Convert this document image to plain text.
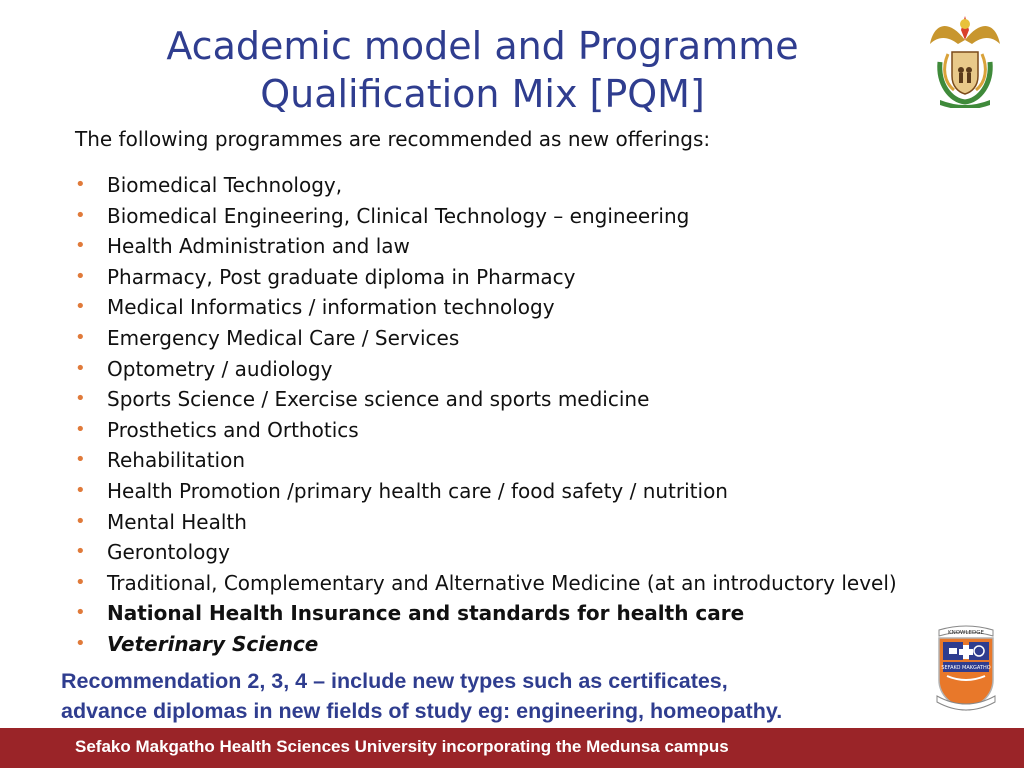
Academic model and Programme
Qualification Mix [PQM]

The following programmes are recommended as new offerings:

• Biomedical Technology,
• Biomedical Engineering, Clinical Technology – engineering
• Health Administration and law
• Pharmacy, Post graduate diploma in Pharmacy
• Medical Informatics / information technology
• Emergency Medical Care / Services
• Optometry / audiology
• Sports Science / Exercise science and sports medicine
• Prosthetics and Orthotics
• Rehabilitation
• Health Promotion /primary health care / food safety / nutrition
• Mental Health
• Gerontology
• Traditional, Complementary and Alternative Medicine (at an introductory level)
• National Health Insurance and standards for health care
• Veterinary Science

Recommendation 2, 3, 4 – include new types such as certificates,
advance diplomas in new fields of study eg: engineering, homeopathy.

KNOWLEDGE
SEFAKO MAKGATHO
Sefako Makgatho Health Sciences University incorporating the Medunsa campus
